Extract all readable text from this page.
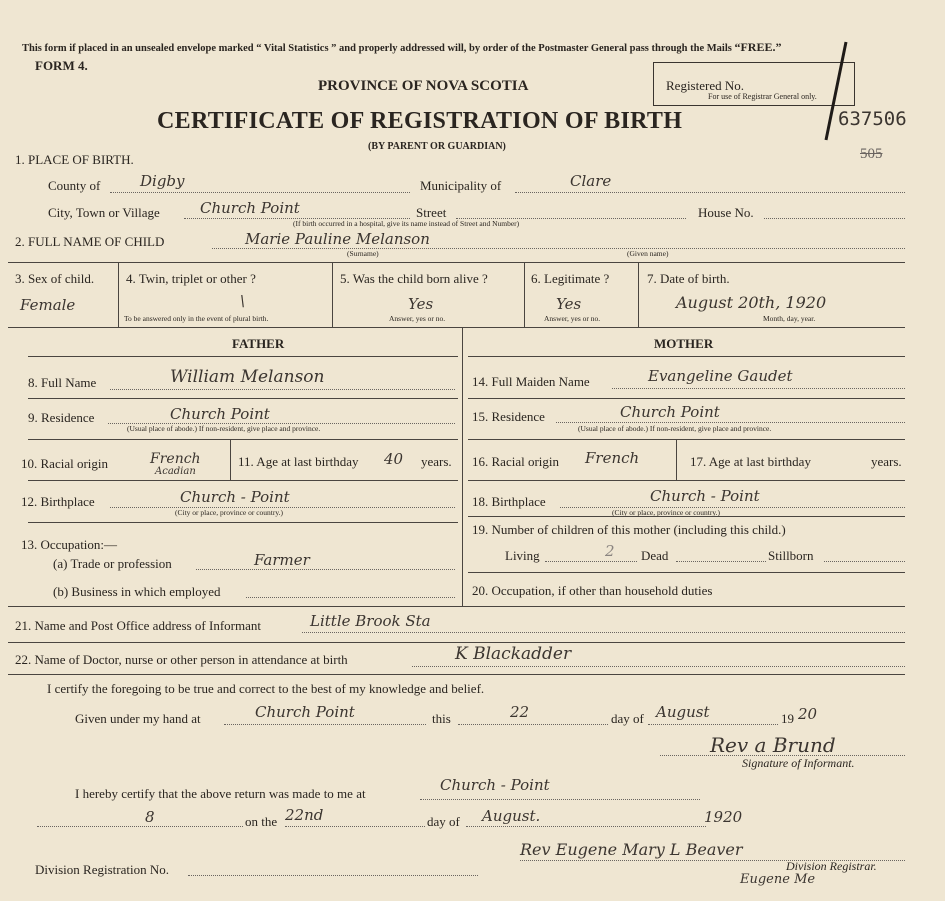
This form if placed in an unsealed envelope marked “ Vital Statistics ” and properly addressed will, by order of the Postmaster General pass through the Mails “FREE.”
FORM 4.
PROVINCE OF NOVA SCOTIA
CERTIFICATE OF REGISTRATION OF BIRTH
(BY PARENT OR GUARDIAN)
Registered No.
For use of Registrar General only.
637506
505
1. PLACE OF BIRTH.
County of	Digby	Municipality of	Clare
City, Town or Village	Church Point	Street
(If birth occurred in a hospital, give its name instead of Street and Number)
House No.
2. FULL NAME OF CHILD	Marie Pauline Melanson
(Surname)	(Given name)
3. Sex of child.
Female
4. Twin, triplet or other ?
\
To be answered only in the event of plural birth.
5. Was the child born alive ?
Yes
Answer, yes or no.
6. Legitimate ?
Yes
Answer, yes or no.
7. Date of birth.
August 20th, 1920
Month, day, year.
FATHER	MOTHER
8. Full Name	William Melanson
9. Residence	Church Point
(Usual place of abode.) If non-resident, give place and province.
10. Racial origin	French
Acadian
11. Age at last birthday 40 years.
12. Birthplace	Church - Point
(City or place, province or country.)
13. Occupation:—
(a) Trade or profession	Farmer
(b) Business in which employed
14. Full Maiden Name	Evangeline Gaudet
15. Residence	Church Point
(Usual place of abode.) If non-resident, give place and province.
16. Racial origin French	17. Age at last birthday	years.
18. Birthplace	Church - Point
(City or place, province or country.)
19. Number of children of this mother (including this child.)
Living	2 Dead	Stillborn
20. Occupation, if other than household duties
21. Name and Post Office address of Informant	Little Brook Sta
22. Name of Doctor, nurse or other person in attendance at birth	K Blackadder
I certify the foregoing to be true and correct to the best of my knowledge and belief.
Given under my hand at	Church Point	this	22	day of August	19 20
Rev a Brund
Signature of Informant.
I hereby certify that the above return was made to me at	Church - Point
8	on the 22nd	day of August.	1920
Rev Eugene Mary L Beaver
Division Registrar.
Division Registration No.
Eugene Me
